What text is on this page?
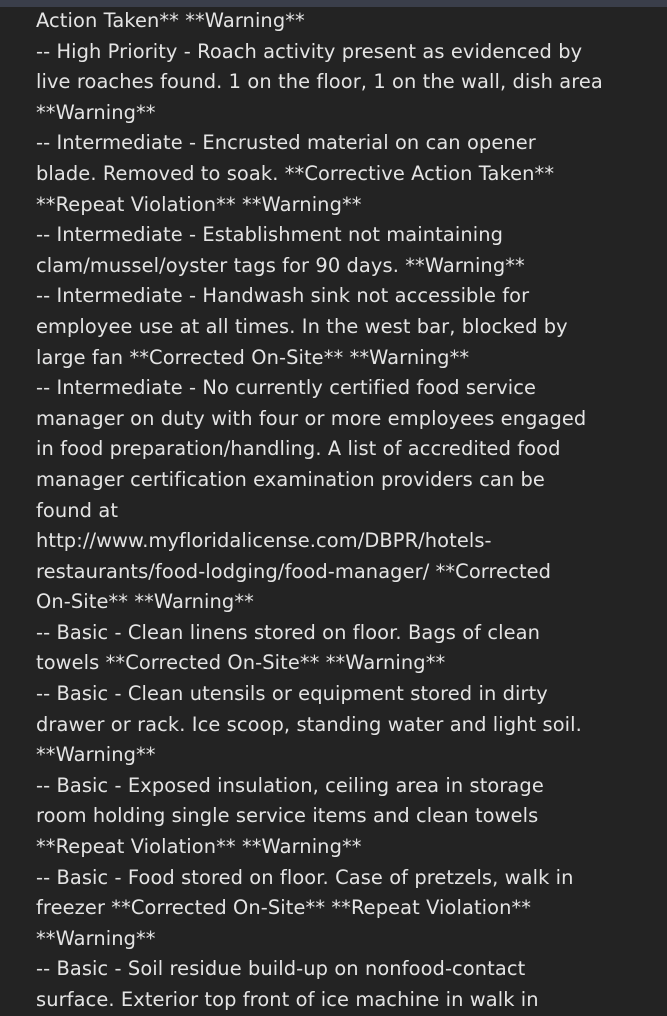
Action Taken** **Warning**
-- High Priority - Roach activity present as evidenced by
live roaches found. 1 on the floor, 1 on the wall, dish area
**Warning**
-- Intermediate - Encrusted material on can opener
blade. Removed to soak. **Corrective Action Taken**
**Repeat Violation** **Warning**
-- Intermediate - Establishment not maintaining
clam/mussel/oyster tags for 90 days. **Warning**
-- Intermediate - Handwash sink not accessible for
employee use at all times. In the west bar, blocked by
large fan **Corrected On-Site** **Warning**
-- Intermediate - No currently certified food service
manager on duty with four or more employees engaged
in food preparation/handling. A list of accredited food
manager certification examination providers can be
found at
http://www.myfloridalicense.com/DBPR/hotels-
restaurants/food-lodging/food-manager/ **Corrected
On-Site** **Warning**
-- Basic - Clean linens stored on floor. Bags of clean
towels **Corrected On-Site** **Warning**
-- Basic - Clean utensils or equipment stored in dirty
drawer or rack. Ice scoop, standing water and light soil.
**Warning**
-- Basic - Exposed insulation, ceiling area in storage
room holding single service items and clean towels
**Repeat Violation** **Warning**
-- Basic - Food stored on floor. Case of pretzels, walk in
freezer **Corrected On-Site** **Repeat Violation**
**Warning**
-- Basic - Soil residue build-up on nonfood-contact
surface. Exterior top front of ice machine in walk in
